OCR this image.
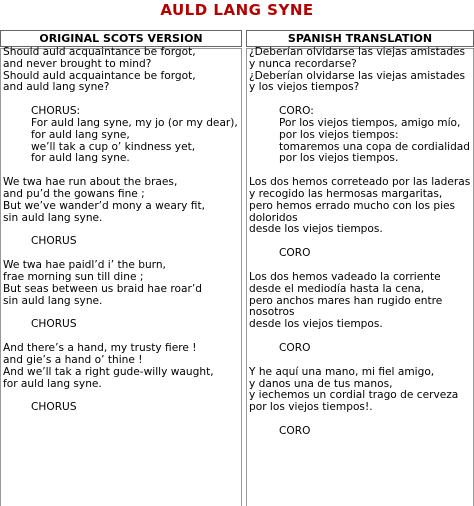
AULD LANG SYNE
ORIGINAL SCOTS VERSION	SPANISH TRANSLATION
Should auld acquaintance be forgot,
and never brought to mind?
Should auld acquaintance be forgot,
and auld lang syne?
CHORUS:
For auld lang syne, my jo (or my dear),
for auld lang syne,
we’ll tak a cup o’ kindness yet,
for auld lang syne.
We twa hae run about the braes,
and pu’d the gowans fine ;
But we’ve wander’d mony a weary fit,
sin auld lang syne.
CHORUS
We twa hae paidl’d i’ the burn,
frae morning sun till dine ;
But seas between us braid hae roar’d
sin auld lang syne.
CHORUS
And there’s a hand, my trusty fiere !
and gie’s a hand o’ thine !
And we’ll tak a right gude-willy waught,
for auld lang syne.
CHORUS
¿Deberían olvidarse las viejas amistades
y nunca recordarse?
¿Deberían olvidarse las viejas amistades
y los viejos tiempos?
CORO:
Por los viejos tiempos, amigo mío,
por los viejos tiempos:
tomaremos una copa de cordialidad
por los viejos tiempos.
Los dos hemos correteado por las laderas
y recogido las hermosas margaritas,
pero hemos errado mucho con los pies
doloridos
desde los viejos tiempos.
CORO
Los dos hemos vadeado la corriente
desde el mediodía hasta la cena,
pero anchos mares han rugido entre
nosotros
desde los viejos tiempos.
CORO
Y he aquí una mano, mi fiel amigo,
y danos una de tus manos,
y iechemos un cordial trago de cerveza
por los viejos tiempos!.
CORO
